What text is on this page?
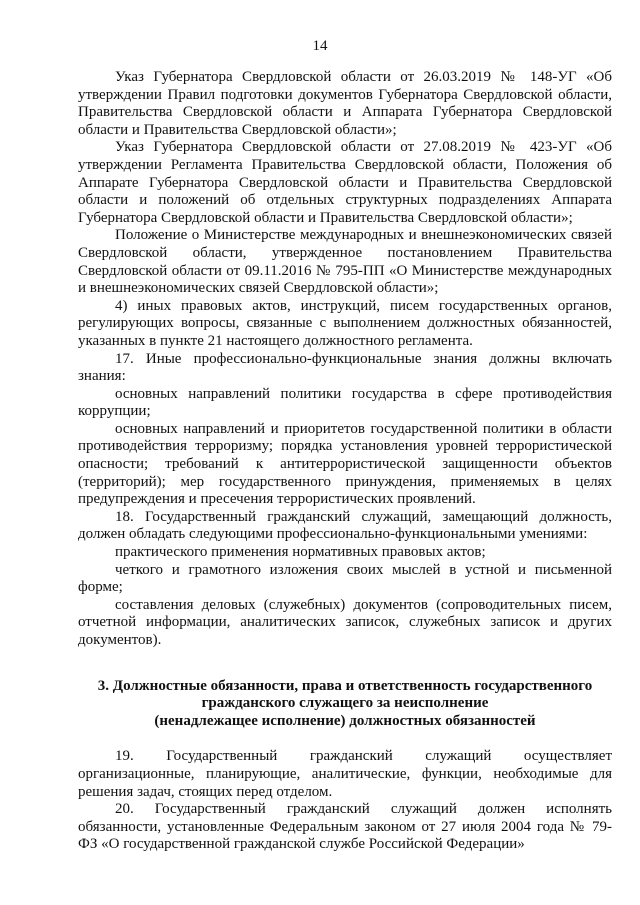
14

Указ Губернатора Свердловской области от 26.03.2019 № 148-УГ «Об утверждении Правил подготовки документов Губернатора Свердловской области, Правительства Свердловской области и Аппарата Губернатора Свердловской области и Правительства Свердловской области»;

Указ Губернатора Свердловской области от 27.08.2019 № 423-УГ «Об утверждении Регламента Правительства Свердловской области, Положения об Аппарате Губернатора Свердловской области и Правительства Свердловской области и положений об отдельных структурных подразделениях Аппарата Губернатора Свердловской области и Правительства Свердловской области»;

Положение о Министерстве международных и внешнеэкономических связей Свердловской области, утвержденное постановлением Правительства Свердловской области от 09.11.2016 № 795-ПП «О Министерстве международных и внешнеэкономических связей Свердловской области»;

4) иных правовых актов, инструкций, писем государственных органов, регулирующих вопросы, связанные с выполнением должностных обязанностей, указанных в пункте 21 настоящего должностного регламента.

17. Иные профессионально-функциональные знания должны включать знания:

основных направлений политики государства в сфере противодействия коррупции;

основных направлений и приоритетов государственной политики в области противодействия терроризму; порядка установления уровней террористической опасности; требований к антитеррористической защищенности объектов (территорий); мер государственного принуждения, применяемых в целях предупреждения и пресечения террористических проявлений.

18. Государственный гражданский служащий, замещающий должность, должен обладать следующими профессионально-функциональными умениями:

практического применения нормативных правовых актов;

четкого и грамотного изложения своих мыслей в устной и письменной форме;

составления деловых (служебных) документов (сопроводительных писем, отчетной информации, аналитических записок, служебных записок и других документов).

3. Должностные обязанности, права и ответственность государственного
гражданского служащего за неисполнение
(ненадлежащее исполнение) должностных обязанностей

19. Государственный гражданский служащий осуществляет организационные, планирующие, аналитические, функции, необходимые для решения задач, стоящих перед отделом.

20. Государственный гражданский служащий должен исполнять обязанности, установленные Федеральным законом от 27 июля 2004 года № 79- ФЗ «О государственной гражданской службе Российской Федерации»
